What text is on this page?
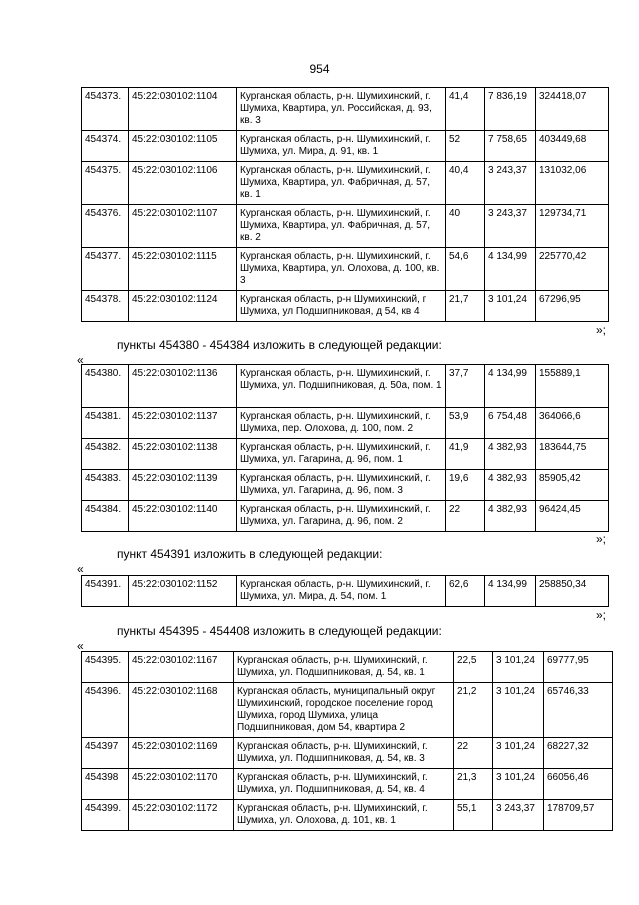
954
454373.	45:22:030102:1104	Курганская область, р-н. Шумихинский, г. Шумиха, Квартира, ул. Российская, д. 93, кв. 3	41,4	7 836,19	324418,07
454374.	45:22:030102:1105	Курганская область, р-н. Шумихинский, г. Шумиха, ул. Мира, д. 91, кв. 1	52	7 758,65	403449,68
454375.	45:22:030102:1106	Курганская область, р-н. Шумихинский, г. Шумиха, Квартира, ул. Фабричная, д. 57, кв. 1	40,4	3 243,37	131032,06
454376.	45:22:030102:1107	Курганская область, р-н. Шумихинский, г. Шумиха, Квартира, ул. Фабричная, д. 57, кв. 2	40	3 243,37	129734,71
454377.	45:22:030102:1115	Курганская область, р-н. Шумихинский, г. Шумиха, Квартира, ул. Олохова, д. 100, кв. 3	54,6	4 134,99	225770,42
454378.	45:22:030102:1124	Курганская область, р-н Шумихинский, г Шумиха, ул Подшипниковая, д 54, кв 4	21,7	3 101,24	67296,95
»;
пункты 454380 - 454384 изложить в следующей редакции:
«
454380.	45:22:030102:1136	Курганская область, р-н. Шумихинский, г. Шумиха, ул. Подшипниковая, д. 50а, пом. 1	37,7	4 134,99	155889,1
454381.	45:22:030102:1137	Курганская область, р-н. Шумихинский, г. Шумиха, пер. Олохова, д. 100, пом. 2	53,9	6 754,48	364066,6
454382.	45:22:030102:1138	Курганская область, р-н. Шумихинский, г. Шумиха, ул. Гагарина, д. 96, пом. 1	41,9	4 382,93	183644,75
454383.	45:22:030102:1139	Курганская область, р-н. Шумихинский, г. Шумиха, ул. Гагарина, д. 96, пом. 3	19,6	4 382,93	85905,42
454384.	45:22:030102:1140	Курганская область, р-н. Шумихинский, г. Шумиха, ул. Гагарина, д. 96, пом. 2	22	4 382,93	96424,45
»;
пункт 454391 изложить в следующей редакции:
«
454391.	45:22:030102:1152	Курганская область, р-н. Шумихинский, г. Шумиха, ул. Мира, д. 54, пом. 1	62,6	4 134,99	258850,34
»;
пункты 454395 - 454408 изложить в следующей редакции:
«
454395.	45:22:030102:1167	Курганская область, р-н. Шумихинский, г. Шумиха, ул. Подшипниковая, д. 54, кв. 1	22,5	3 101,24	69777,95
454396.	45:22:030102:1168	Курганская область, муниципальный округ Шумихинский, городское поселение город Шумиха, город Шумиха, улица Подшипниковая, дом 54, квартира 2	21,2	3 101,24	65746,33
454397	45:22:030102:1169	Курганская область, р-н. Шумихинский, г. Шумиха, ул. Подшипниковая, д. 54, кв. 3	22	3 101,24	68227,32
454398	45:22:030102:1170	Курганская область, р-н. Шумихинский, г. Шумиха, ул. Подшипниковая, д. 54, кв. 4	21,3	3 101,24	66056,46
454399.	45:22:030102:1172	Курганская область, р-н. Шумихинский, г. Шумиха, ул. Олохова, д. 101, кв. 1	55,1	3 243,37	178709,57
